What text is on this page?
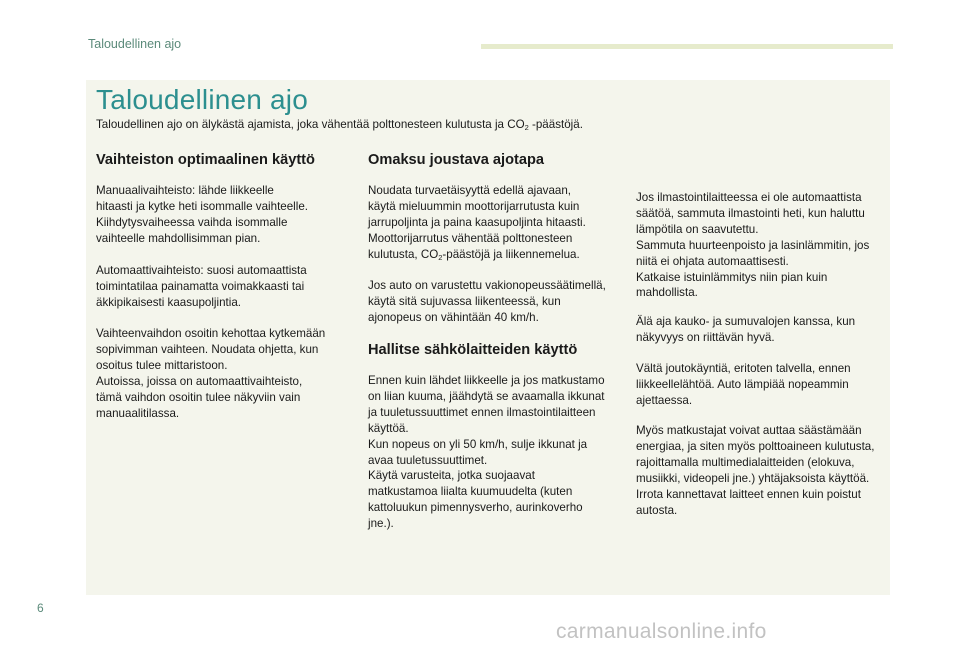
Taloudellinen ajo
Taloudellinen ajo
Taloudellinen ajo on älykästä ajamista, joka vähentää polttonesteen kulutusta ja $CO_2$ -päästöjä.
Vaihteiston optimaalinen käyttö

Manuaalivaihteisto: lähde liikkeelle
hitaasti ja kytke heti isommalle vaihteelle.
Kiihdytysvaiheessa vaihda isommalle
vaihteelle mahdollisimman pian.

Automaattivaihteisto: suosi automaattista
toimintatilaa painamatta voimakkaasti tai
äkkipikaisesti kaasupoljintia.

Vaihteenvaihdon osoitin kehottaa kytkemään
sopivimman vaihteen. Noudata ohjetta, kun
osoitus tulee mittaristoon.
Autoissa, joissa on automaattivaihteisto,
tämä vaihdon osoitin tulee näkyviin vain
manuaalitilassa.

Omaksu joustava ajotapa

Noudata turvaetäisyyttä edellä ajavaan,
käytä mieluummin moottorijarrutusta kuin
jarrupoljinta ja paina kaasupoljinta hitaasti.
Moottorijarrutus vähentää polttonesteen
kulutusta, $CO_2$-päästöjä ja liikennemelua.

Jos auto on varustettu vakionopeussäätimellä,
käytä sitä sujuvassa liikenteessä, kun
ajonopeus on vähintään 40 km/h.

Hallitse sähkölaitteiden käyttö

Ennen kuin lähdet liikkeelle ja jos matkustamo
on liian kuuma, jäähdytä se avaamalla ikkunat
ja tuuletussuuttimet ennen ilmastointilaitteen
käyttöä.
Kun nopeus on yli 50 km/h, sulje ikkunat ja
avaa tuuletussuuttimet.
Käytä varusteita, jotka suojaavat
matkustamoa liialta kuumuudelta (kuten
kattoluukun pimennysverho, aurinkoverho
jne.).

Jos ilmastointilaitteessa ei ole automaattista
säätöä, sammuta ilmastointi heti, kun haluttu
lämpötila on saavutettu.
Sammuta huurteenpoisto ja lasinlämmitin, jos
niitä ei ohjata automaattisesti.
Katkaise istuinlämmitys niin pian kuin
mahdollista.

Älä aja kauko- ja sumuvalojen kanssa, kun
näkyvyys on riittävän hyvä.

Vältä joutokäyntiä, eritoten talvella, ennen
liikkeellelähtöä. Auto lämpiää nopeammin
ajettaessa.

Myös matkustajat voivat auttaa säästämään
energiaa, ja siten myös polttoaineen kulutusta,
rajoittamalla multimedialaitteiden (elokuva,
musiikki, videopeli jne.) yhtäjaksoista käyttöä.
Irrota kannettavat laitteet ennen kuin poistut
autosta.

6
carmanualsonline.info
